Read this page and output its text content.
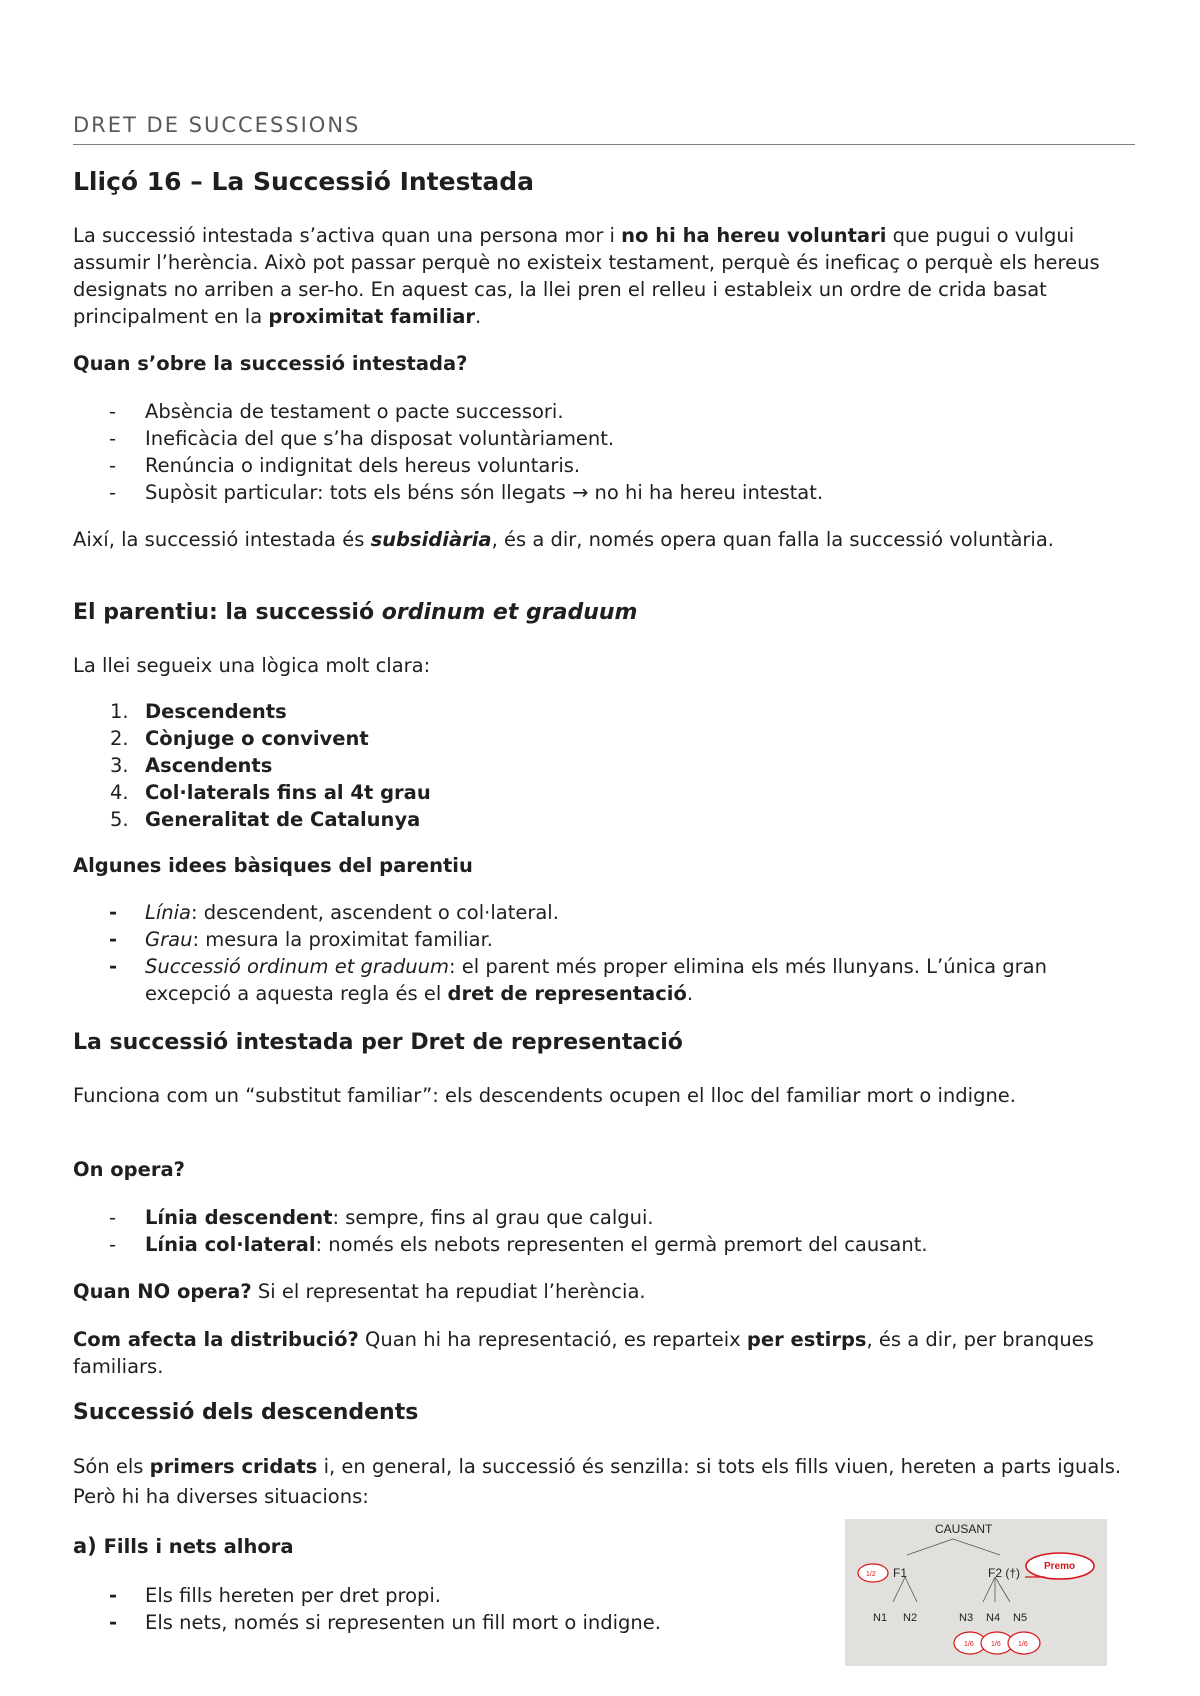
DRET DE SUCCESSIONS
Lliçó 16 – La Successió Intestada

La successió intestada s’activa quan una persona mor i no hi ha hereu voluntari que pugui o vulgui assumir l’herència. Això pot passar perquè no existeix testament, perquè és ineficaç o perquè els hereus designats no arriben a ser-ho. En aquest cas, la llei pren el relleu i estableix un ordre de crida basat principalment en la proximitat familiar.

Quan s’obre la successió intestada?
- Absència de testament o pacte successori.
- Ineficàcia del que s’ha disposat voluntàriament.
- Renúncia o indignitat dels hereus voluntaris.
- Supòsit particular: tots els béns són llegats → no hi ha hereu intestat.

Així, la successió intestada és subsidiària, és a dir, només opera quan falla la successió voluntària.

El parentiu: la successió ordinum et graduum

La llei segueix una lògica molt clara:

1. Descendents
2. Cònjuge o convivent
3. Ascendents
4. Col·laterals fins al 4t grau
5. Generalitat de Catalunya
Algunes idees bàsiques del parentiu
- Línia: descendent, ascendent o col·lateral.
- Grau: mesura la proximitat familiar.
- Successió ordinum et graduum: el parent més proper elimina els més llunyans. L’única gran excepció a aquesta regla és el dret de representació.
La successió intestada per Dret de representació

Funciona com un “substitut familiar”: els descendents ocupen el lloc del familiar mort o indigne.

On opera?
- Línia descendent: sempre, fins al grau que calgui.
- Línia col·lateral: només els nebots representen el germà premort del causant.

Quan NO opera? Si el representat ha repudiat l’herència.

Com afecta la distribució? Quan hi ha representació, es reparteix per estirps, és a dir, per branques familiars.

Successió dels descendents

Són els primers cridats i, en general, la successió és senzilla: si tots els fills viuen, hereten a parts iguals. Però hi ha diverses situacions:

a) Fills i nets alhora
- Els fills hereten per dret propi.
- Els nets, només si representen un fill mort o indigne.
CAUSANT
F1	F2 (†)
1/2
Premo
N1 N2	N3 N4 N5
1/6 1/6 1/6
